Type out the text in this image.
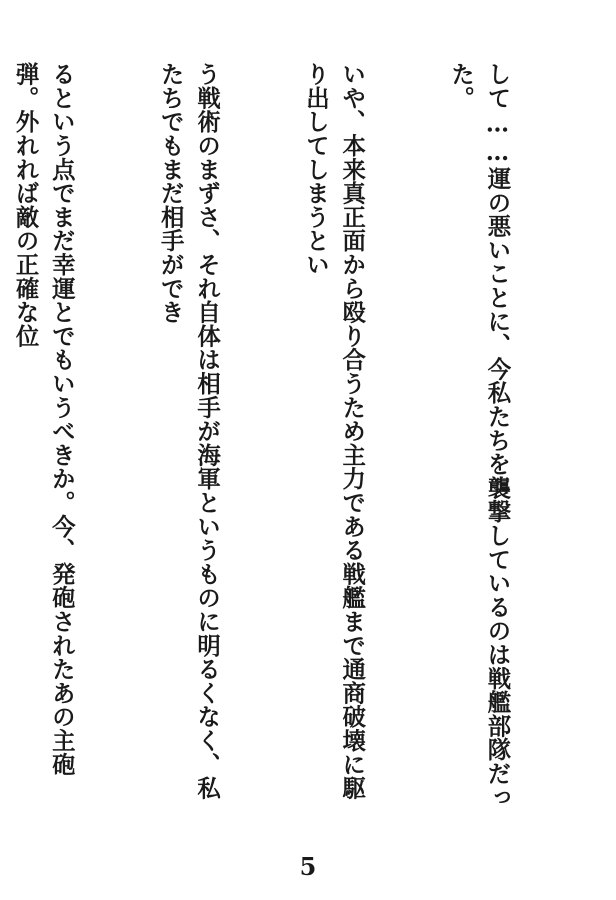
して……運の悪いことに、今私たちを襲撃しているのは戦艦部隊だった。

いや、本来真正面から殴り合うため主力である戦艦まで通商破壊に駆り出してしまうとい

う戦術のまずさ、それ自体は相手が海軍というものに明るくなく、私たちでもまだ相手ができ

るという点でまだ幸運とでもいうべきか。今、発砲されたあの主砲弾。外れれば敵の正確な位

5
